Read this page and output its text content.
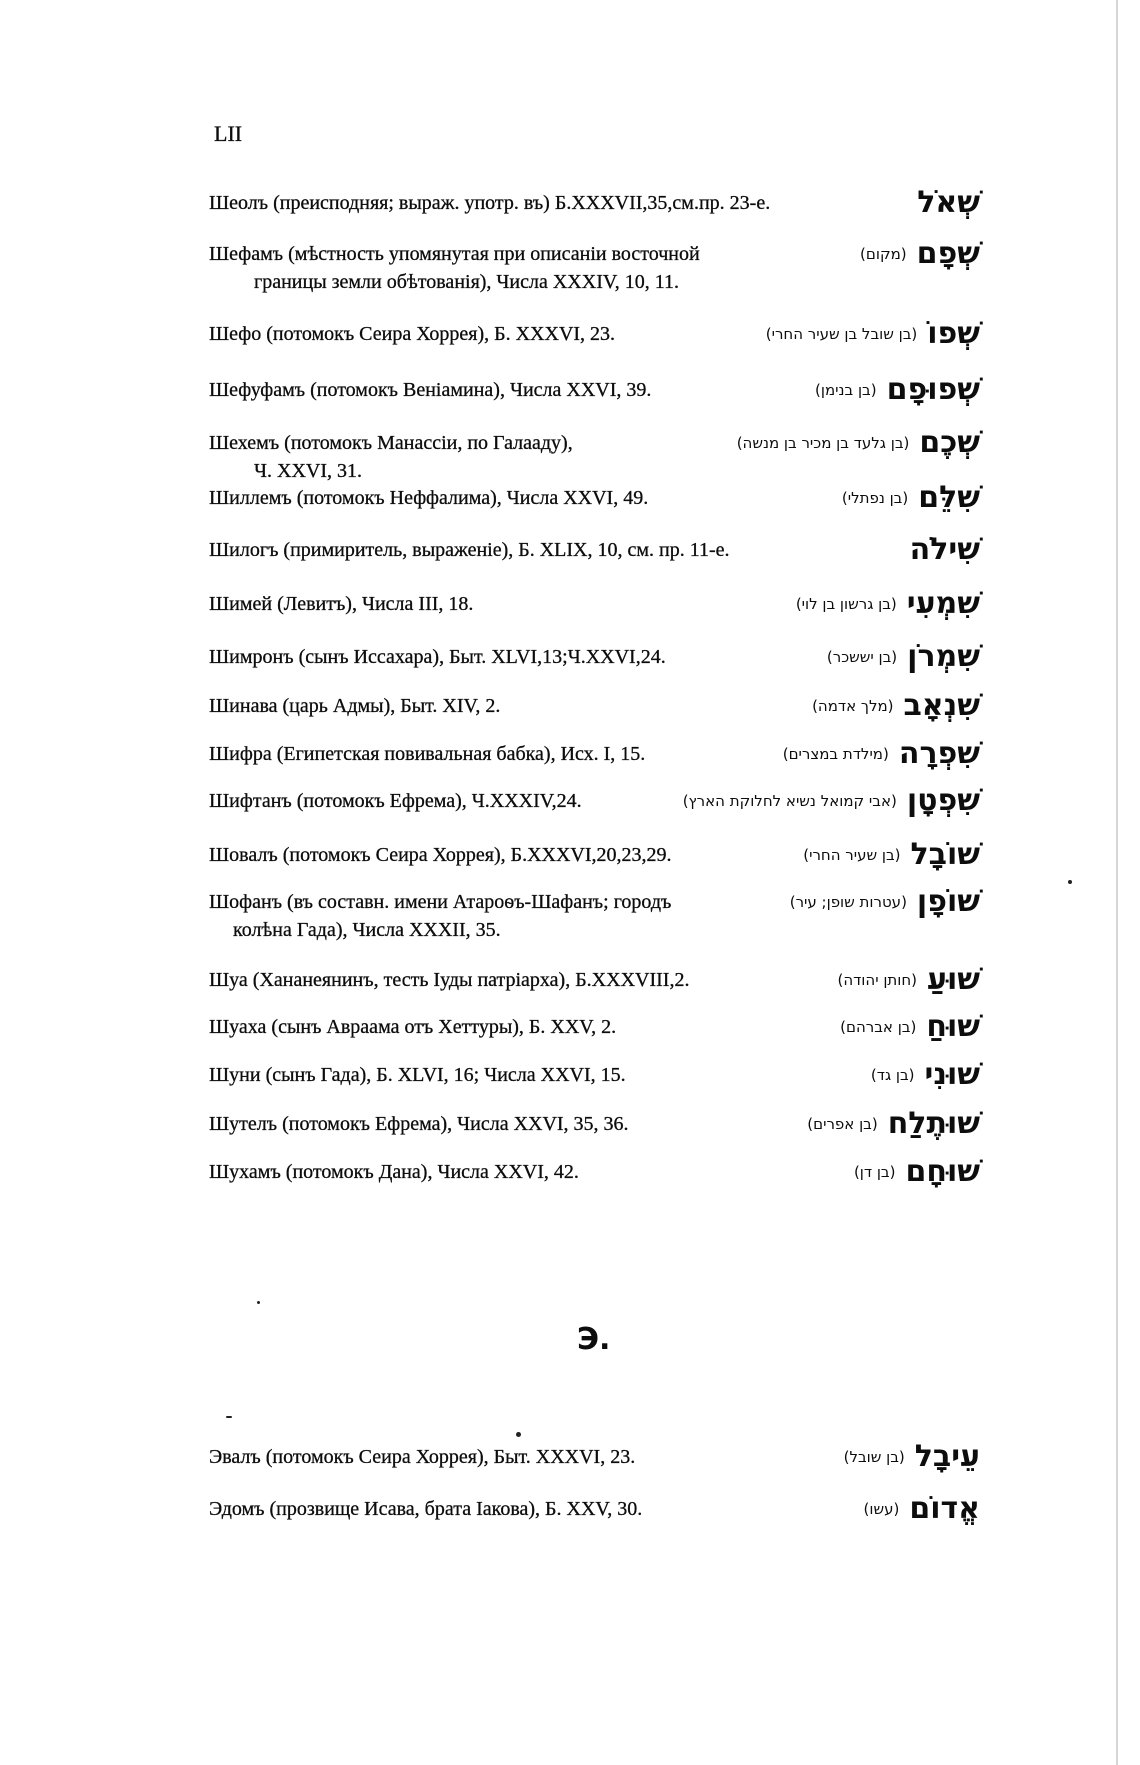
LII
Шеолъ (преисподняя; выраж. употр. въ) Б.XXXVII,35,см.пр. 23-е.	שְׁאֹל
Шефамъ (мѣстность упомянутая при описаніи восточной	(מקום) שְׁפָם
границы земли обѣтованія), Числа XXXIV, 10, 11.
Шефо (потомокъ Сеира Хоррея), Б. XXXVI, 23.	(בן שובל בן שעיר החרי) שְׁפוֹ
Шефуфамъ (потомокъ Веніамина), Числа XXVI, 39.	(בן בנימן) שְׁפוּפָם
Шехемъ (потомокъ Манассіи, по Галааду),	(בן גלעד בן מכיר בן מנשה) שְׁכֶם
Ч. XXVI, 31.
Шиллемъ (потомокъ Неффалима), Числа XXVI, 49.	(בן נפתלי) שִׁלֵּם
Шилогъ (примиритель, выраженіе), Б. XLIX, 10, см. пр. 11-е.	שִׁילֹה
Шимей (Левитъ), Числа III, 18.	(בן גרשון בן לוי) שִׁמְעִי
Шимронъ (сынъ Иссахара), Быт. XLVI,13;Ч.XXVI,24.	(בן יששכר) שִׁמְרֹן
Шинава (царь Адмы), Быт. XIV, 2.	(מלך אדמה) שִׁנְאָב
Шифра (Египетская повивальная бабка), Исх. I, 15.	(מילדת במצרים) שִׁפְרָה
Шифтанъ (потомокъ Ефрема), Ч.XXXIV,24.	(אבי קמואל נשיא לחלוקת הארץ) שִׁפְטָן
Шовалъ (потомокъ Сеира Хоррея), Б.XXXVI,20,23,29.	(בן שעיר החרי) שׁוֹבָל
Шофанъ (въ составн. имени Атароѳъ-Шафанъ; городъ	(עטרות שופן; עיר) שׁוֹפָן
колѣна Гада), Числа XXXII, 35.
Шуа (Хананеянинъ, тесть Іуды патріарха), Б.XXXVIII,2.	(חותן יהודה) שׁוּעַ
Шуаха (сынъ Авраама отъ Хеттуры), Б. XXV, 2.	(בן אברהם) שׁוּחַ
Шуни (сынъ Гада), Б. XLVI, 16; Числа XXVI, 15.	(בן גד) שׁוּנִי
Шутелъ (потомокъ Ефрема), Числа XXVI, 35, 36.	(בן אפרים) שׁוּתֶלַח
Шухамъ (потомокъ Дана), Числа XXVI, 42.	(בן דן) שׁוּחָם
Э.
Эвалъ (потомокъ Сеира Хоррея), Быт. XXXVI, 23.	(בן שובל) עֵיבָל
Эдомъ (прозвище Исава, брата Іакова), Б. XXV, 30.	(עשו) אֱדוֹם
